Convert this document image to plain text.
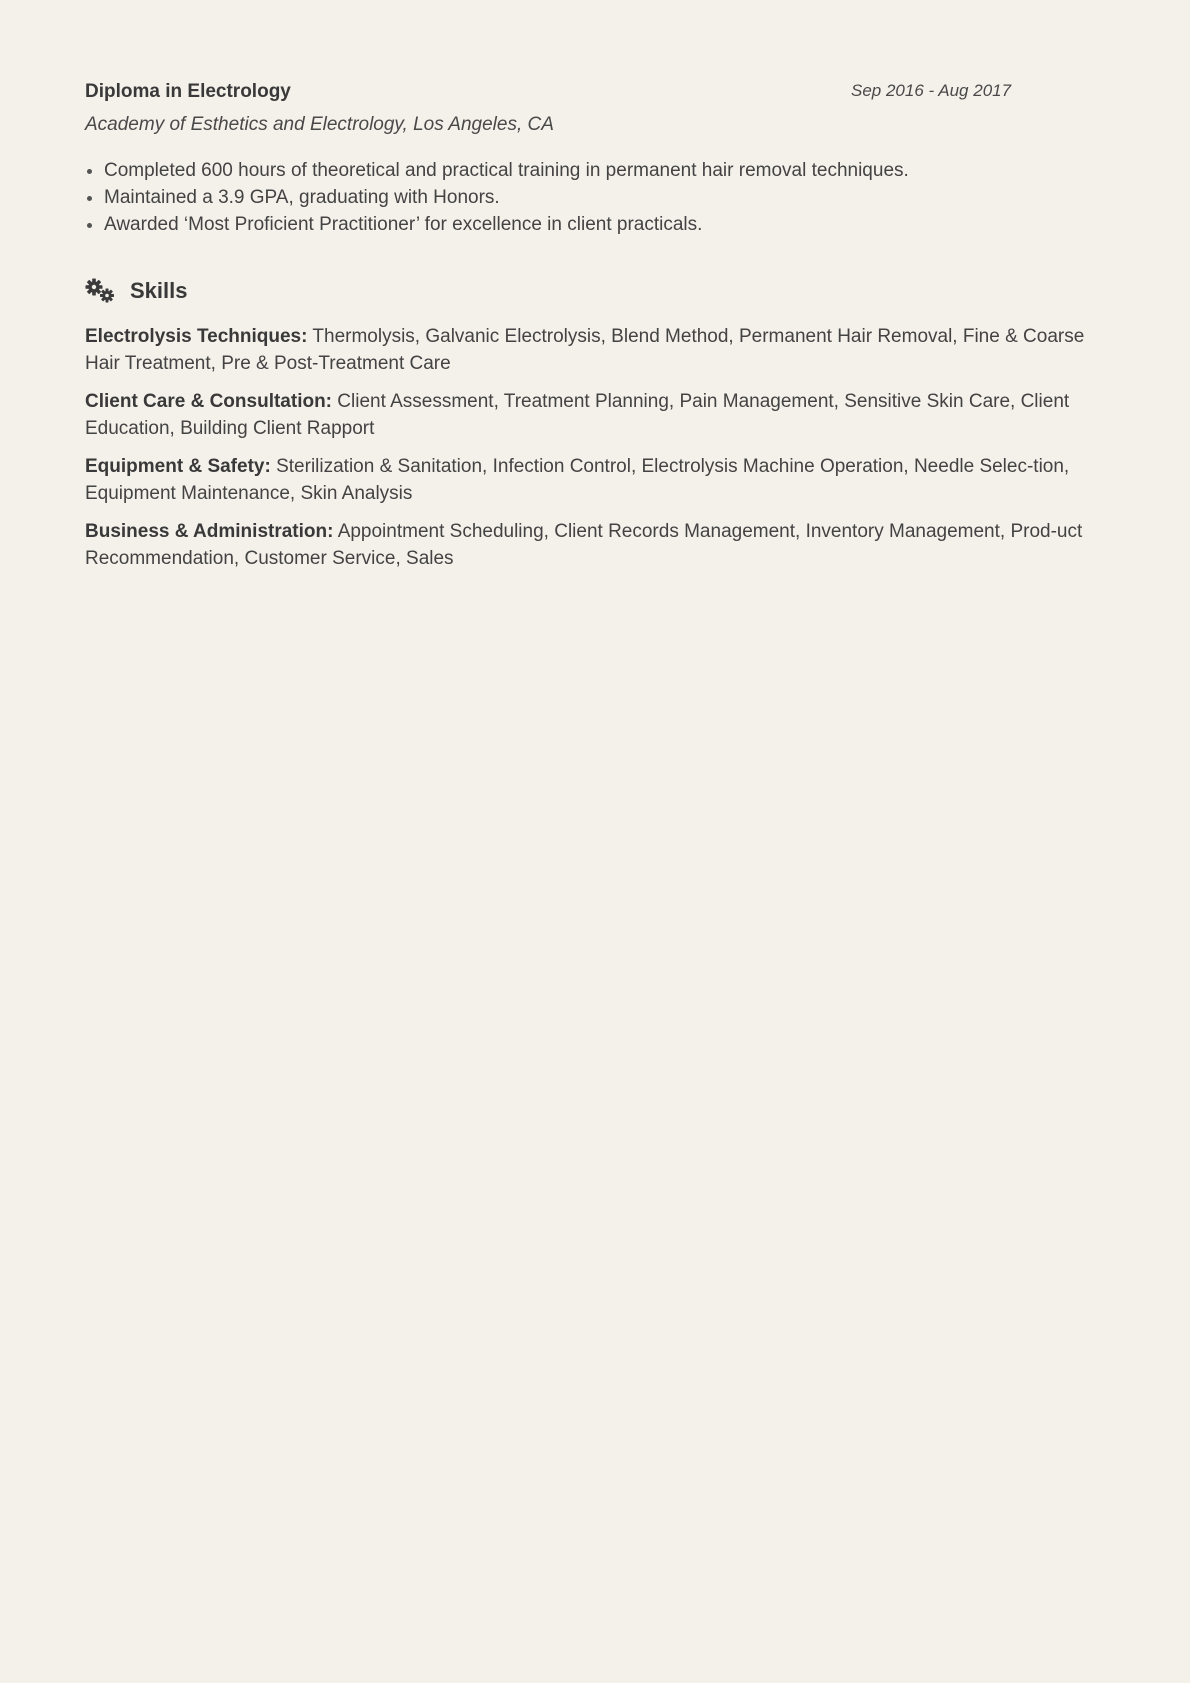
Diploma in Electrology	Sep 2016 - Aug 2017
Academy of Esthetics and Electrology, Los Angeles, CA
Completed 600 hours of theoretical and practical training in permanent hair removal techniques.
Maintained a 3.9 GPA, graduating with Honors.
Awarded ‘Most Proficient Practitioner’ for excellence in client practicals.
Skills
Electrolysis Techniques: Thermolysis, Galvanic Electrolysis, Blend Method, Permanent Hair Removal, Fine & Coarse Hair Treatment, Pre & Post-Treatment Care
Client Care & Consultation: Client Assessment, Treatment Planning, Pain Management, Sensitive Skin Care, Client Education, Building Client Rapport
Equipment & Safety: Sterilization & Sanitation, Infection Control, Electrolysis Machine Operation, Needle Selec-tion, Equipment Maintenance, Skin Analysis
Business & Administration: Appointment Scheduling, Client Records Management, Inventory Management, Prod-uct Recommendation, Customer Service, Sales
